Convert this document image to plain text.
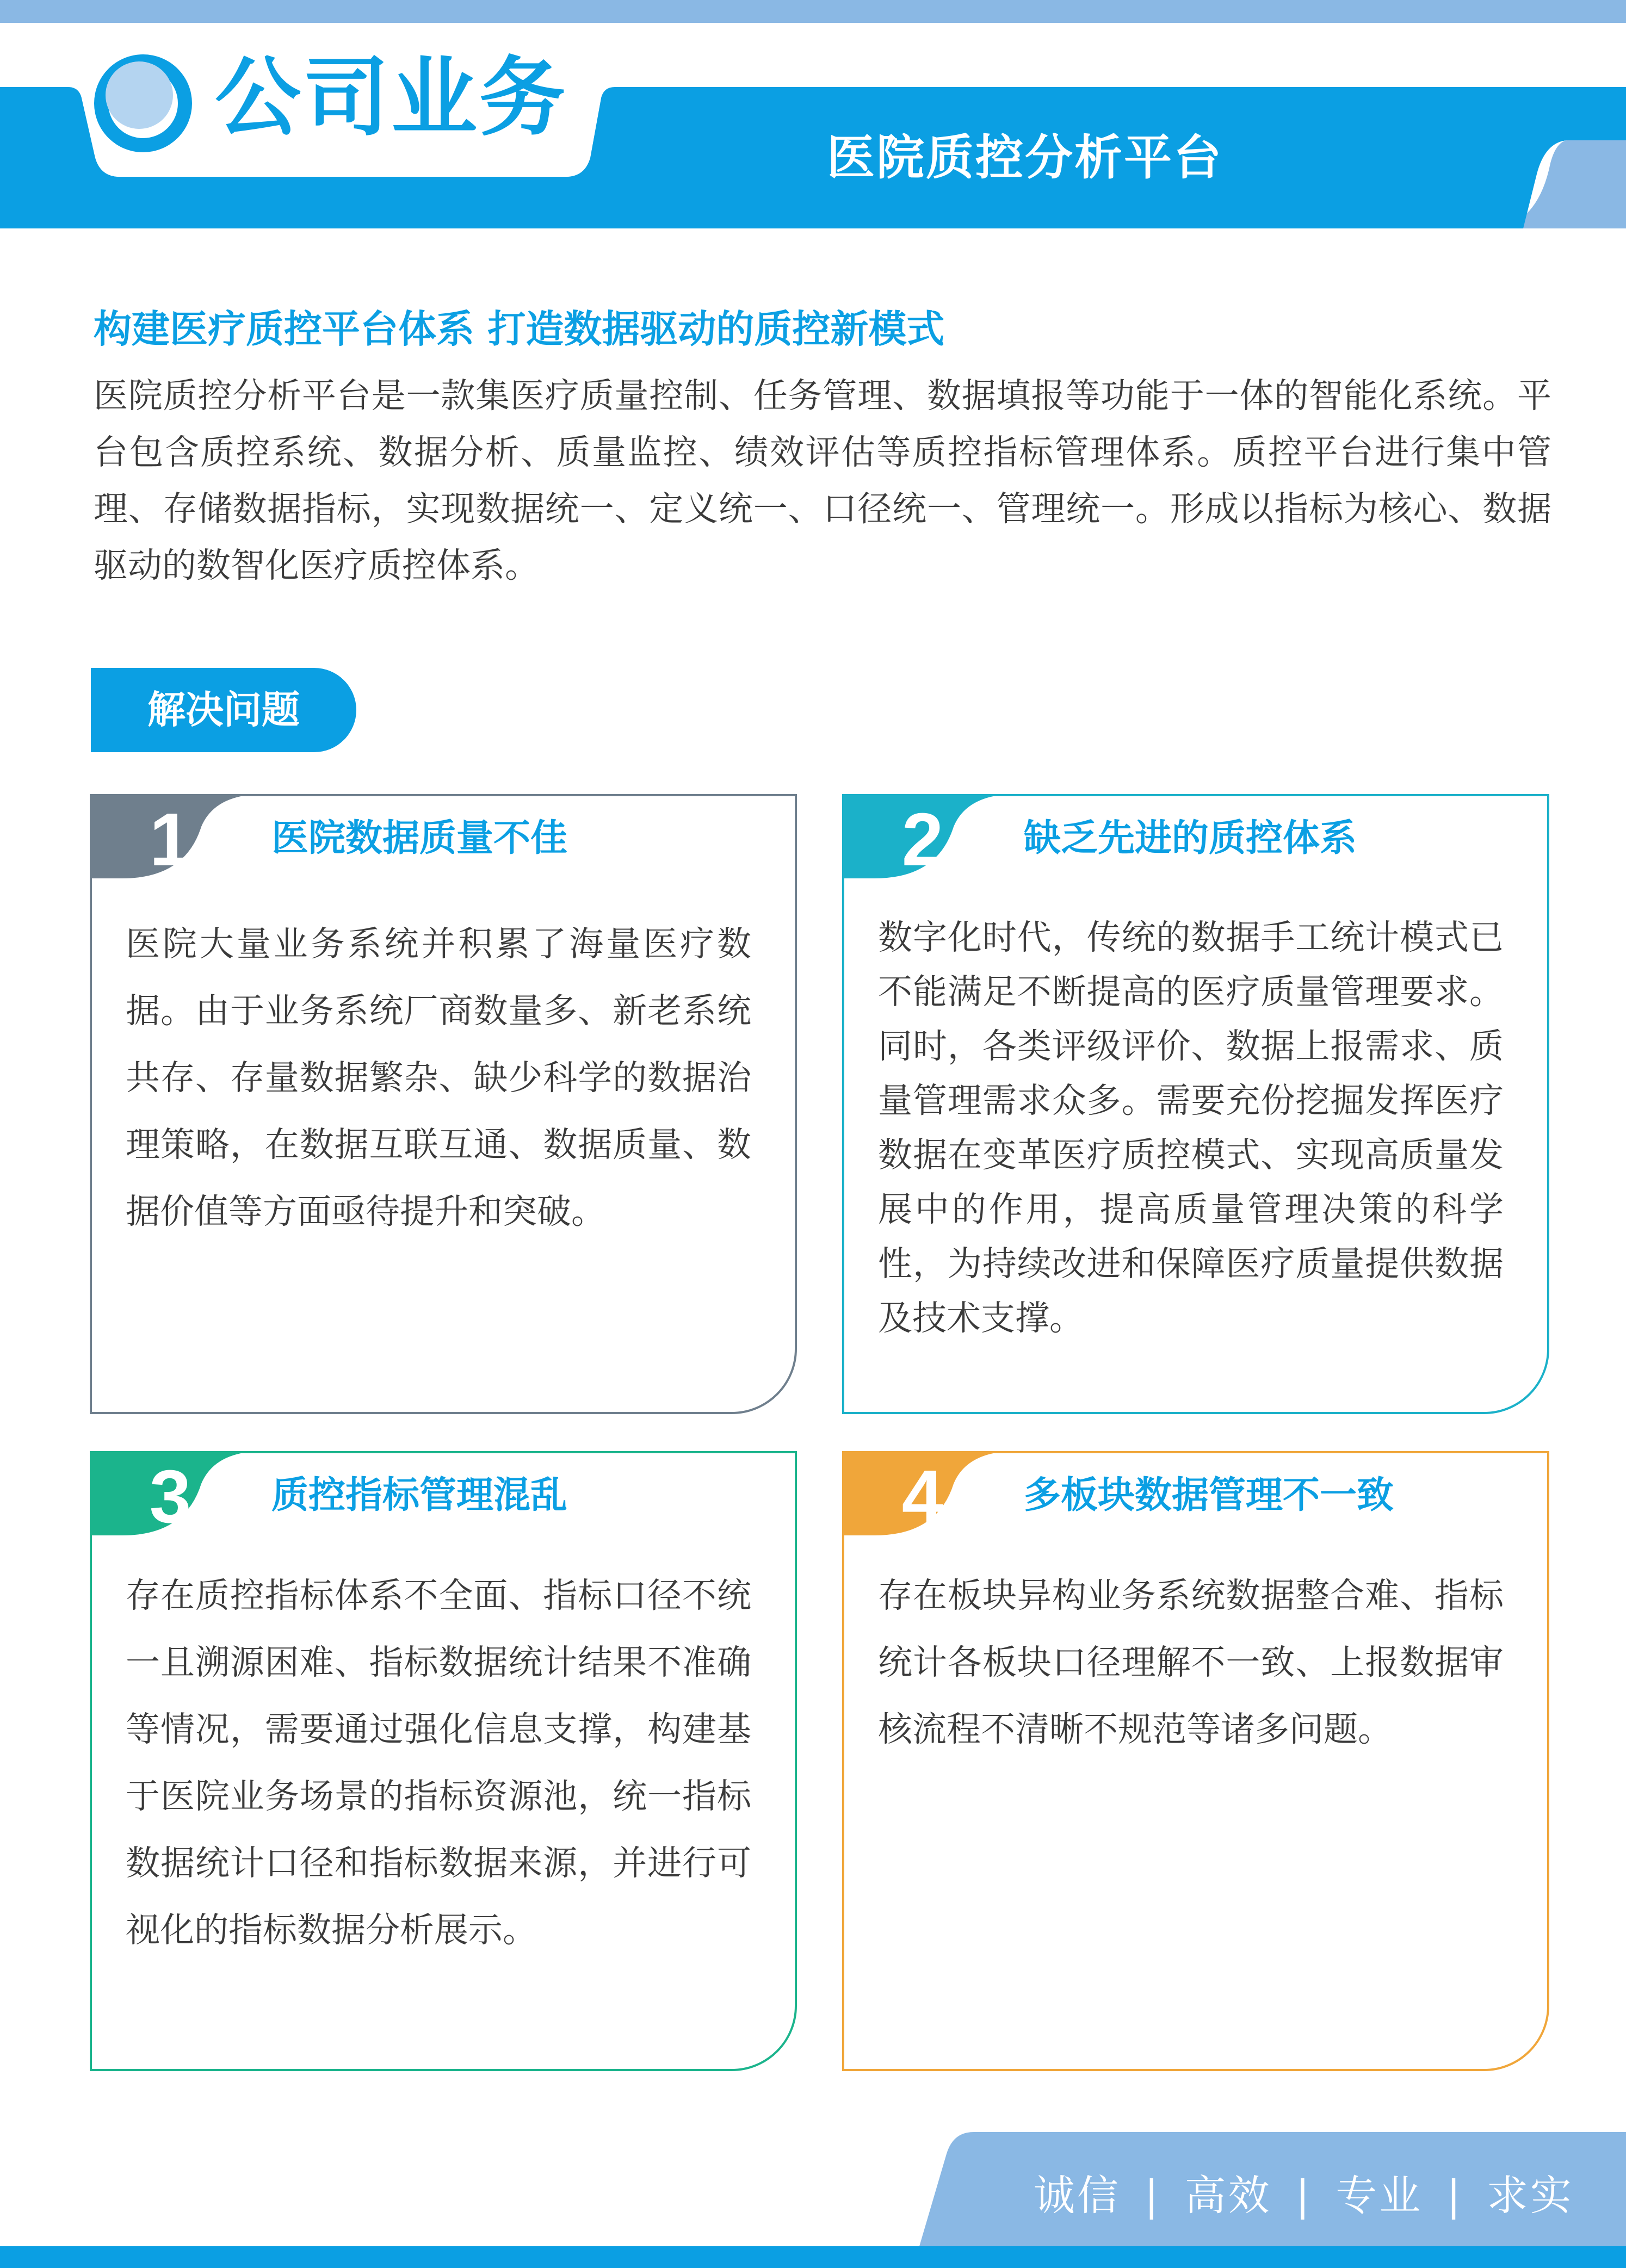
公司业务
医院质控分析平台
构建医疗质控平台体系 打造数据驱动的质控新模式
医院质控分析平台是一款集医疗质量控制、任务管理、数据填报等功能于一体的智能化系统。平台包含质控系统、数据分析、质量监控、绩效评估等质控指标管理体系。质控平台进行集中管理、存储数据指标，实现数据统一、定义统一、口径统一、管理统一。形成以指标为核心、数据驱动的数智化医疗质控体系。
解决问题
1	医院数据质量不佳
医院大量业务系统并积累了海量医疗数据。由于业务系统厂商数量多、新老系统共存、存量数据繁杂、缺少科学的数据治理策略，在数据互联互通、数据质量、数据价值等方面亟待提升和突破。
2	缺乏先进的质控体系
数字化时代，传统的数据手工统计模式已不能满足不断提高的医疗质量管理要求。同时，各类评级评价、数据上报需求、质量管理需求众多。需要充份挖掘发挥医疗数据在变革医疗质控模式、实现高质量发展中的作用，提高质量管理决策的科学性，为持续改进和保障医疗质量提供数据及技术支撑。
3	质控指标管理混乱
存在质控指标体系不全面、指标口径不统一且溯源困难、指标数据统计结果不准确等情况，需要通过强化信息支撑，构建基于医院业务场景的指标资源池，统一指标数据统计口径和指标数据来源，并进行可视化的指标数据分析展示。
4	多板块数据管理不一致
存在板块异构业务系统数据整合难、指标统计各板块口径理解不一致、上报数据审核流程不清晰不规范等诸多问题。
诚信 | 高效 | 专业 | 求实
